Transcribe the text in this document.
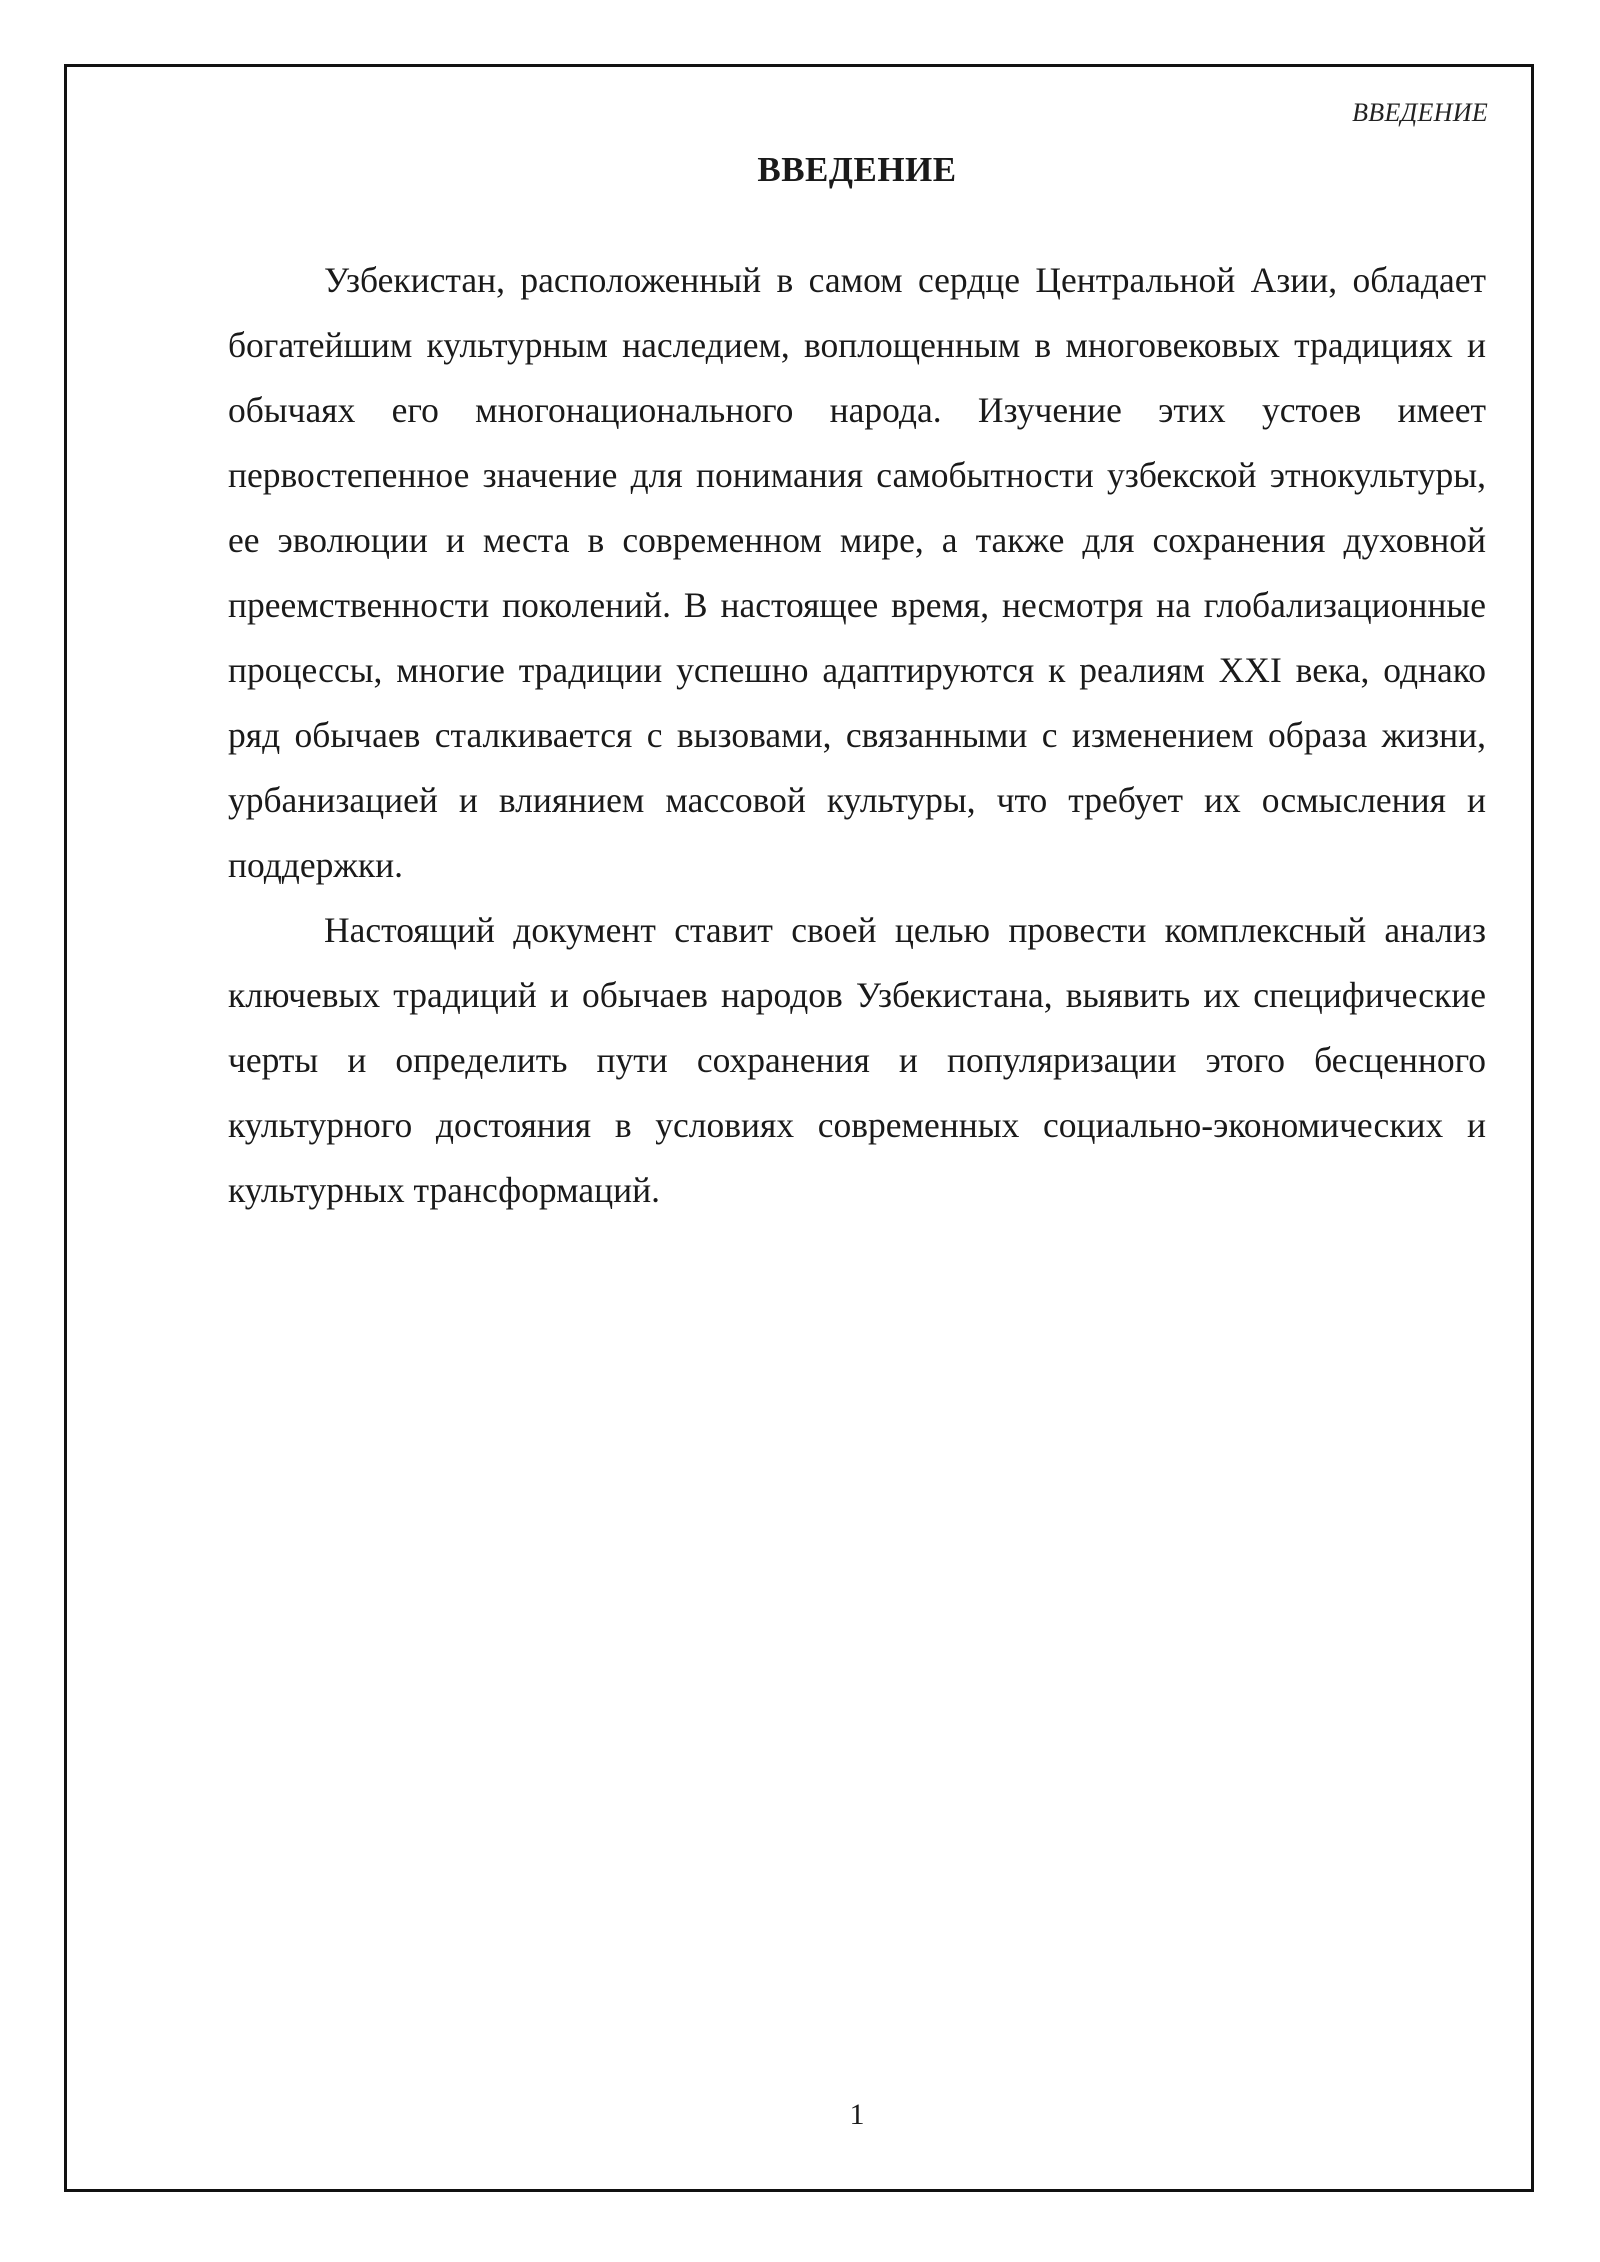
ВВЕДЕНИЕ
ВВЕДЕНИЕ

Узбекистан, расположенный в самом сердце Центральной Азии, обладает богатейшим культурным наследием, воплощенным в многовековых традициях и обычаях его многонационального народа. Изучение этих устоев имеет первостепенное значение для понимания самобытности узбекской этнокультуры, ее эволюции и места в современном мире, а также для сохранения духовной преемственности поколений. В настоящее время, несмотря на глобализационные процессы, многие традиции успешно адаптируются к реалиям XXI века, однако ряд обычаев сталкивается с вызовами, связанными с изменением образа жизни, урбанизацией и влиянием массовой культуры, что требует их осмысления и поддержки.

Настоящий документ ставит своей целью провести комплексный анализ ключевых традиций и обычаев народов Узбекистана, выявить их специфические черты и определить пути сохранения и популяризации этого бесценного культурного достояния в условиях современных социально-экономических и культурных трансформаций.

1
